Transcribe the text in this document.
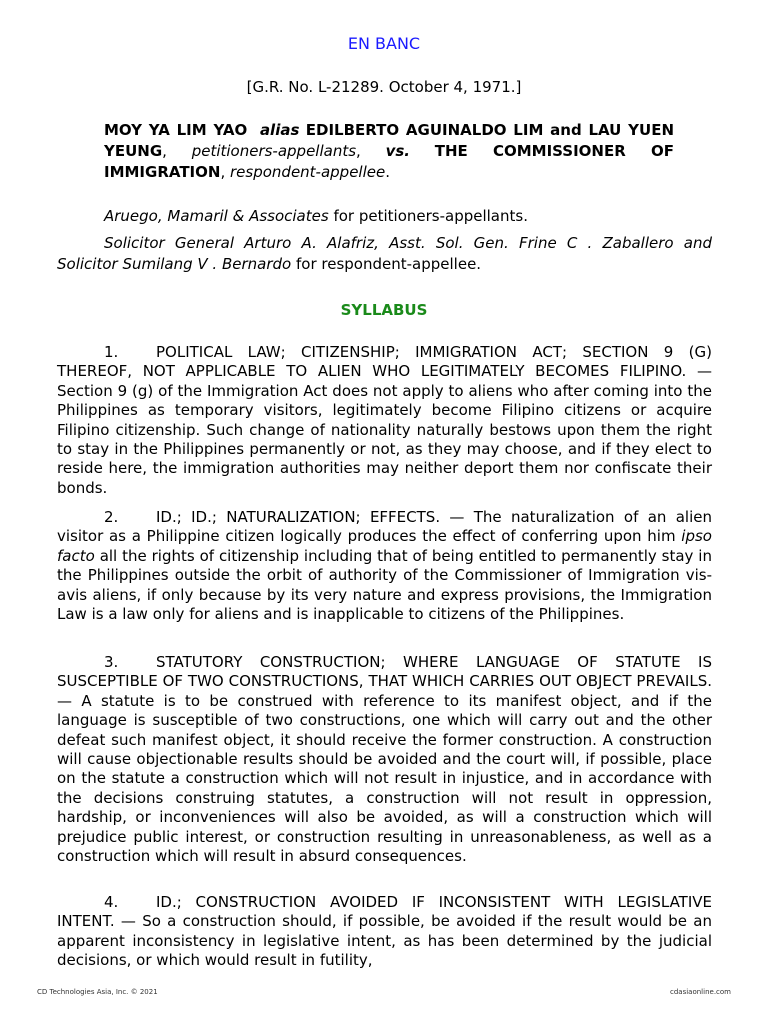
EN BANC
[G.R. No. L-21289. October 4, 1971.]
MOY YA LIM YAO alias EDILBERTO AGUINALDO LIM and LAU YUEN YEUNG, petitioners-appellants, vs. THE COMMISSIONER OF IMMIGRATION, respondent-appellee.
Aruego, Mamaril & Associates for petitioners-appellants.
Solicitor General Arturo A. Alafriz, Asst. Sol. Gen. Frine C . Zaballero and Solicitor Sumilang V . Bernardo for respondent-appellee.
SYLLABUS
1.	POLITICAL LAW; CITIZENSHIP; IMMIGRATION ACT; SECTION 9 (G) THEREOF, NOT APPLICABLE TO ALIEN WHO LEGITIMATELY BECOMES FILIPINO. — Section 9 (g) of the Immigration Act does not apply to aliens who after coming into the Philippines as temporary visitors, legitimately become Filipino citizens or acquire Filipino citizenship. Such change of nationality naturally bestows upon them the right to stay in the Philippines permanently or not, as they may choose, and if they elect to reside here, the immigration authorities may neither deport them nor confiscate their bonds.
2.	ID.; ID.; NATURALIZATION; EFFECTS. — The naturalization of an alien visitor as a Philippine citizen logically produces the effect of conferring upon him ipso facto all the rights of citizenship including that of being entitled to permanently stay in the Philippines outside the orbit of authority of the Commissioner of Immigration vis-avis aliens, if only because by its very nature and express provisions, the Immigration Law is a law only for aliens and is inapplicable to citizens of the Philippines.
3.	STATUTORY CONSTRUCTION; WHERE LANGUAGE OF STATUTE IS SUSCEPTIBLE OF TWO CONSTRUCTIONS, THAT WHICH CARRIES OUT OBJECT PREVAILS. — A statute is to be construed with reference to its manifest object, and if the language is susceptible of two constructions, one which will carry out and the other defeat such manifest object, it should receive the former construction. A construction will cause objectionable results should be avoided and the court will, if possible, place on the statute a construction which will not result in injustice, and in accordance with the decisions construing statutes, a construction will not result in oppression, hardship, or inconveniences will also be avoided, as will a construction which will prejudice public interest, or construction resulting in unreasonableness, as well as a construction which will result in absurd consequences.
4.	ID.; CONSTRUCTION AVOIDED IF INCONSISTENT WITH LEGISLATIVE INTENT. — So a construction should, if possible, be avoided if the result would be an apparent inconsistency in legislative intent, as has been determined by the judicial decisions, or which would result in futility,
CD Technologies Asia, Inc. © 2021	cdasiaonline.com
